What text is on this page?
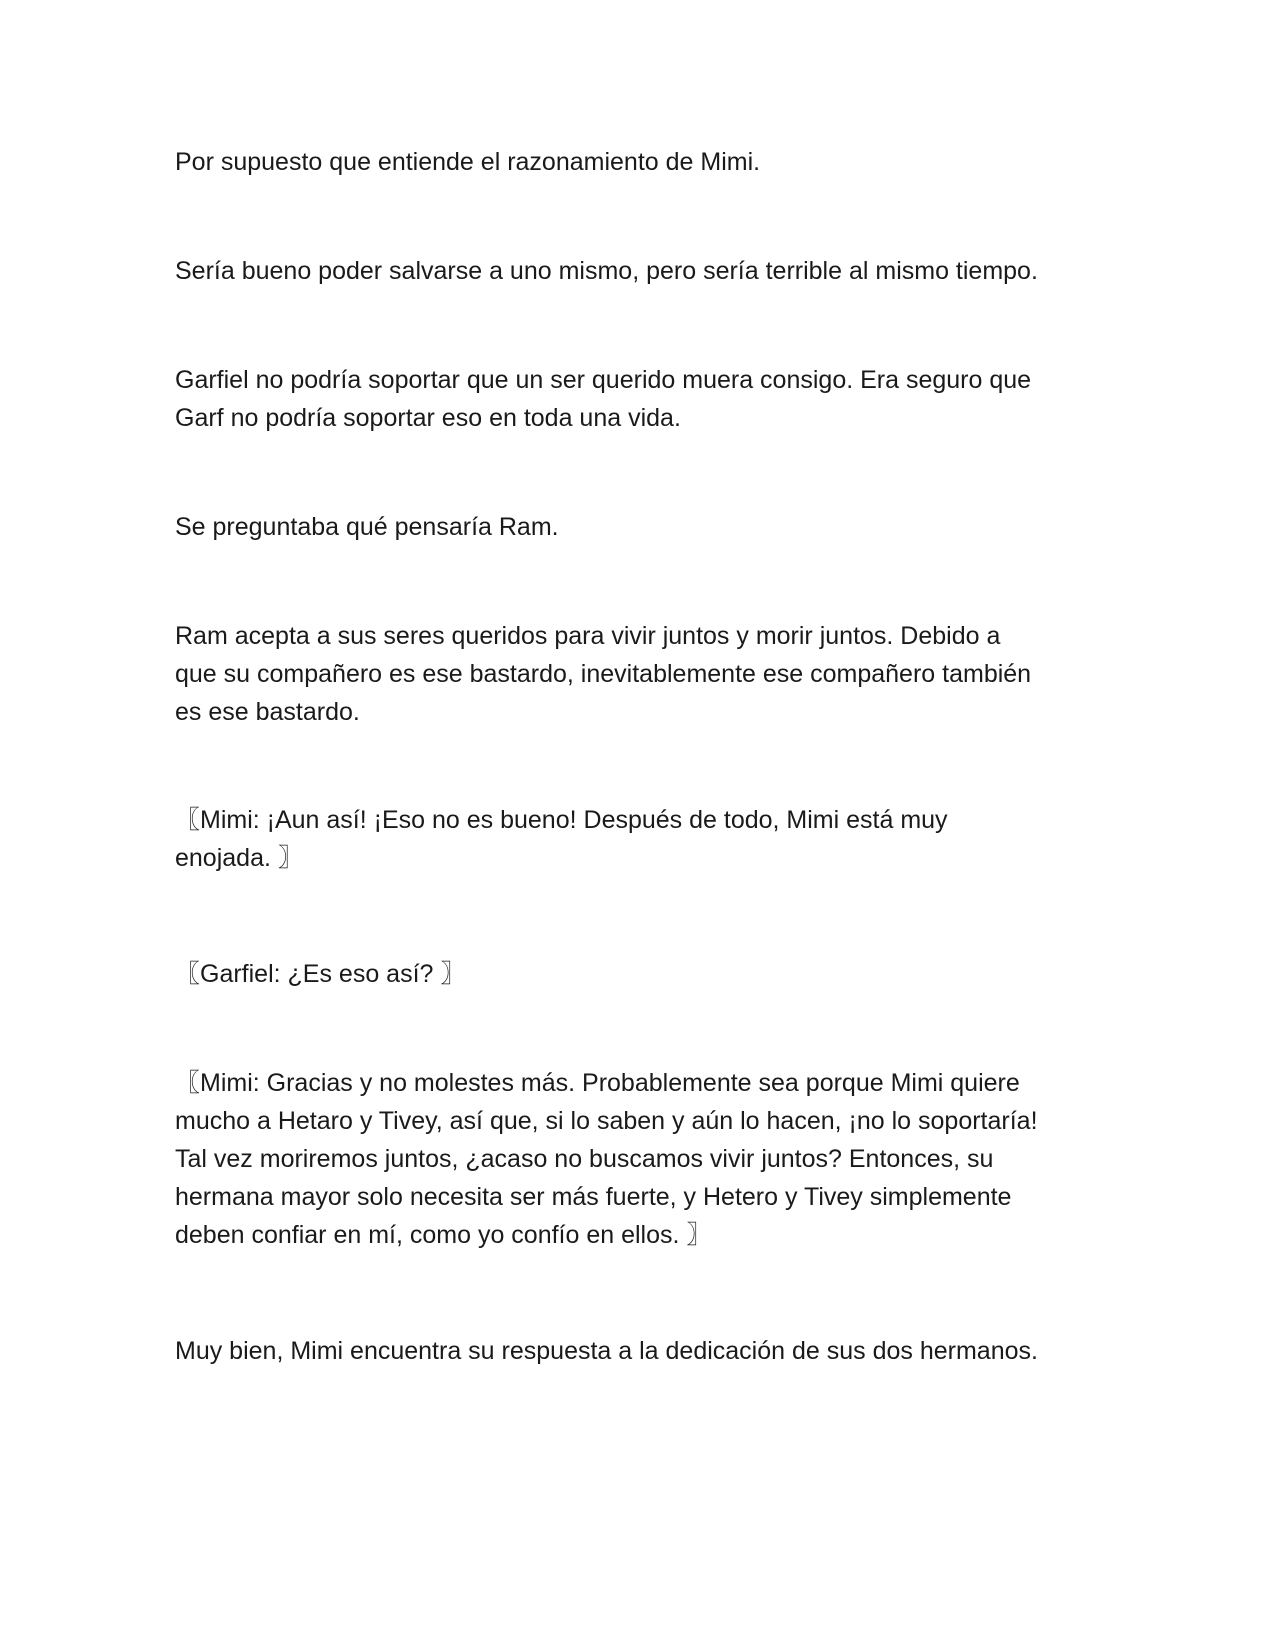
Por supuesto que entiende el razonamiento de Mimi.

Sería bueno poder salvarse a uno mismo, pero sería terrible al mismo tiempo.

Garfiel no podría soportar que un ser querido muera consigo. Era seguro que
Garf no podría soportar eso en toda una vida.

Se preguntaba qué pensaría Ram.

Ram acepta a sus seres queridos para vivir juntos y morir juntos. Debido a
que su compañero es ese bastardo, inevitablemente ese compañero también
es ese bastardo.

〖Mimi: ¡Aun así! ¡Eso no es bueno! Después de todo, Mimi está muy
enojada. 〗

〖Garfiel: ¿Es eso así? 〗

〖Mimi: Gracias y no molestes más. Probablemente sea porque Mimi quiere
mucho a Hetaro y Tivey, así que, si lo saben y aún lo hacen, ¡no lo soportaría!
Tal vez moriremos juntos, ¿acaso no buscamos vivir juntos? Entonces, su
hermana mayor solo necesita ser más fuerte, y Hetero y Tivey simplemente
deben confiar en mí, como yo confío en ellos. 〗

Muy bien, Mimi encuentra su respuesta a la dedicación de sus dos hermanos.
